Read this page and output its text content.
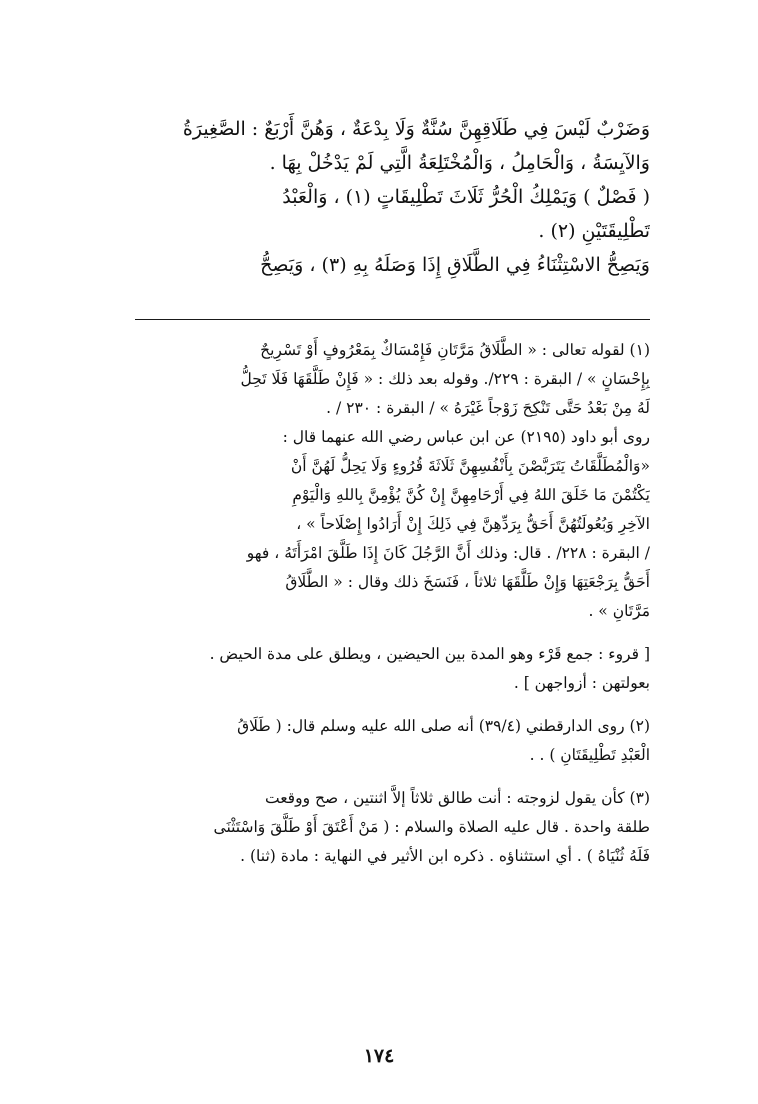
وَضَرْبٌ لَيْسَ فِي طَلَاقِهِنَّ سُنَّةٌ وَلَا بِدْعَةٌ ، وَهُنَّ أَرْبَعٌ : الصَّغِيرَةُ

وَالآيِسَةُ ، وَالْحَامِلُ ، وَالْمُخْتَلِعَةُ الَّتِي لَمْ يَدْخُلْ بِهَا .

( فَصْلٌ ) وَيَمْلِكُ الْحُرُّ ثَلَاثَ تَطْلِيقَاتٍ (١) ، وَالْعَبْدُ

تَطْلِيقَتَيْنِ (٢) .

وَيَصِحُّ الاسْتِثْنَاءُ فِي الطَّلَاقِ إِذَا وَصَلَهُ بِهِ (٣) ، وَيَصِحُّ

(١) لقوله تعالى : « الطَّلَاقُ مَرَّتَانِ فَإِمْسَاكٌ بِمَعْرُوفٍ أَوْ تَسْرِيحٌ

بِإِحْسَانٍ » / البقرة : ٢٢٩/. وقوله بعد ذلك : « فَإِنْ طَلَّقَهَا فَلَا تَحِلُّ

لَهُ مِنْ بَعْدُ حَتَّى تَنْكِحَ زَوْجاً غَيْرَهُ » / البقرة : ٢٣٠ / .

روى أبو داود (٢١٩٥) عن ابن عباس رضي الله عنهما قال :

«وَالْمُطَلَّقَاتُ يَتَرَبَّصْنَ بِأَنْفُسِهِنَّ ثَلَاثَةَ قُرُوءٍ وَلَا يَحِلُّ لَهُنَّ أَنْ

يَكْتُمْنَ مَا خَلَقَ اللهُ فِي أَرْحَامِهِنَّ إِنْ كُنَّ يُؤْمِنَّ بِاللهِ وَالْيَوْمِ

الآخِرِ وَبُعُولَتُهُنَّ أَحَقُّ بِرَدِّهِنَّ فِي ذَلِكَ إِنْ أَرَادُوا إِصْلَاحاً » ،

/ البقرة : ٢٢٨/ . قال: وذلك أَنَّ الرَّجُلَ كَانَ إِذَا طَلَّقَ امْرَأَتَهُ ، فهو

أَحَقُّ بِرَجْعَتِهَا وَإِنْ طَلَّقَهَا ثلاثاً ، فَنَسَخَ ذلك وقال : « الطَّلَاقُ

مَرَّتَانِ » .

[ قروء : جمع قَرْء وهو المدة بين الحيضين ، ويطلق على مدة الحيض .

بعولتهن : أزواجهن ] .

(٢) روى الدارقطني (٣٩/٤) أنه صلى الله عليه وسلم قال: ( طَلَاقُ

الْعَبْدِ تَطْلِيقَتَانِ ) . .

(٣) كأن يقول لزوجته : أنت طالق ثلاثاً إلاَّ اثنتين ، صح ووقعت

طلقة واحدة . قال عليه الصلاة والسلام : ( مَنْ أَعْتَقَ أَوْ طَلَّقَ وَاسْتَثْنَى

فَلَهُ ثُنْيَاهُ ) . أي استثناؤه . ذكره ابن الأثير في النهاية : مادة (ثنا) .

١٧٤
